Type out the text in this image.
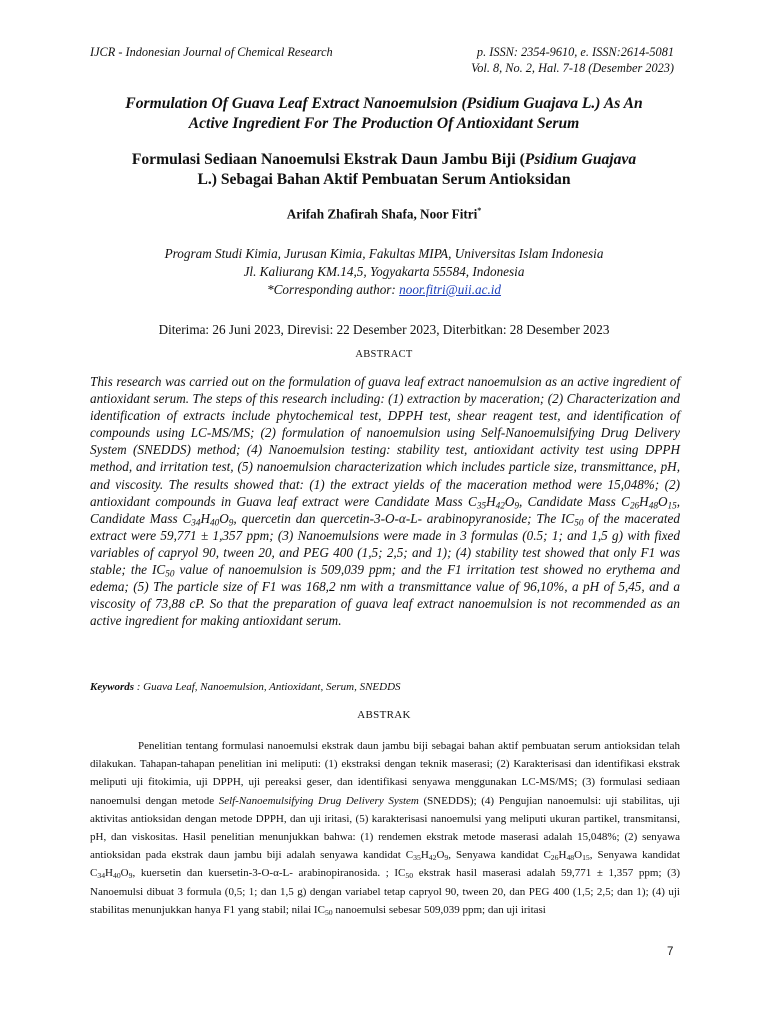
IJCR - Indonesian Journal of Chemical Research	p. ISSN: 2354-9610, e. ISSN:2614-5081
Vol. 8, No. 2, Hal. 7-18 (Desember 2023)
Formulation Of Guava Leaf Extract Nanoemulsion (Psidium Guajava L.) As An
Active Ingredient For The Production Of Antioxidant Serum
Formulasi Sediaan Nanoemulsi Ekstrak Daun Jambu Biji (Psidium Guajava
L.) Sebagai Bahan Aktif Pembuatan Serum Antioksidan
Arifah Zhafirah Shafa, Noor Fitri*
Program Studi Kimia, Jurusan Kimia, Fakultas MIPA, Universitas Islam Indonesia
Jl. Kaliurang KM.14,5, Yogyakarta 55584, Indonesia
*Corresponding author: noor.fitri@uii.ac.id
Diterima: 26 Juni 2023, Direvisi: 22 Desember 2023, Diterbitkan: 28 Desember 2023
ABSTRACT
This research was carried out on the formulation of guava leaf extract nanoemulsion as an active ingredient of antioxidant serum. The steps of this research including: (1) extraction by maceration; (2) Characterization and identification of extracts include phytochemical test, DPPH test, shear reagent test, and identification of compounds using LC-MS/MS; (2) formulation of nanoemulsion using Self-Nanoemulsifying Drug Delivery System (SNEDDS) method; (4) Nanoemulsion testing: stability test, antioxidant activity test using DPPH method, and irritation test, (5) nanoemulsion characterization which includes particle size, transmittance, pH, and viscosity. The results showed that: (1) the extract yields of the maceration method were 15,048%; (2) antioxidant compounds in Guava leaf extract were Candidate Mass $C_{35}H_{42}O_9$, Candidate Mass $C_{26}H_{48}O_{15}$, Candidate Mass $C_{34}H_{40}O_9$, quercetin dan quercetin-3-O-α-L- arabinopyranoside; The $IC_{50}$ of the macerated extract were 59,771 ± 1,357 ppm; (3) Nanoemulsions were made in 3 formulas (0.5; 1; and 1,5 g) with fixed variables of capryol 90, tween 20, and PEG 400 (1,5; 2,5; and 1); (4) stability test showed that only F1 was stable; the $IC_{50}$ value of nanoemulsion is 509,039 ppm; and the F1 irritation test showed no erythema and edema; (5) The particle size of F1 was 168,2 nm with a transmittance value of 96,10%, a pH of 5,45, and a viscosity of 73,88 cP. So that the preparation of guava leaf extract nanoemulsion is not recommended as an active ingredient for making antioxidant serum.
Keywords : Guava Leaf, Nanoemulsion, Antioxidant, Serum, SNEDDS
ABSTRAK
Penelitian tentang formulasi nanoemulsi ekstrak daun jambu biji sebagai bahan aktif pembuatan serum antioksidan telah dilakukan. Tahapan-tahapan penelitian ini meliputi: (1) ekstraksi dengan teknik maserasi; (2) Karakterisasi dan identifikasi ekstrak meliputi uji fitokimia, uji DPPH, uji pereaksi geser, dan identifikasi senyawa menggunakan LC-MS/MS; (3) formulasi sediaan nanoemulsi dengan metode Self-Nanoemulsifying Drug Delivery System (SNEDDS); (4) Pengujian nanoemulsi: uji stabilitas, uji aktivitas antioksidan dengan metode DPPH, dan uji iritasi, (5) karakterisasi nanoemulsi yang meliputi ukuran partikel, transmitansi, pH, dan viskositas. Hasil penelitian menunjukkan bahwa: (1) rendemen ekstrak metode maserasi adalah 15,048%; (2) senyawa antioksidan pada ekstrak daun jambu biji adalah senyawa kandidat $C_{35}H_{42}O_9$, Senyawa kandidat $C_{26}H_{48}O_{15}$, Senyawa kandidat $C_{34}H_{40}O_9$, kuersetin dan kuersetin-3-O-α-L- arabinopiranosida. ; $IC_{50}$ ekstrak hasil maserasi adalah 59,771 ± 1,357 ppm; (3) Nanoemulsi dibuat 3 formula (0,5; 1; dan 1,5 g) dengan variabel tetap capryol 90, tween 20, dan PEG 400 (1,5; 2,5; dan 1); (4) uji stabilitas menunjukkan hanya F1 yang stabil; nilai $IC_{50}$ nanoemulsi sebesar 509,039 ppm; dan uji iritasi
7
